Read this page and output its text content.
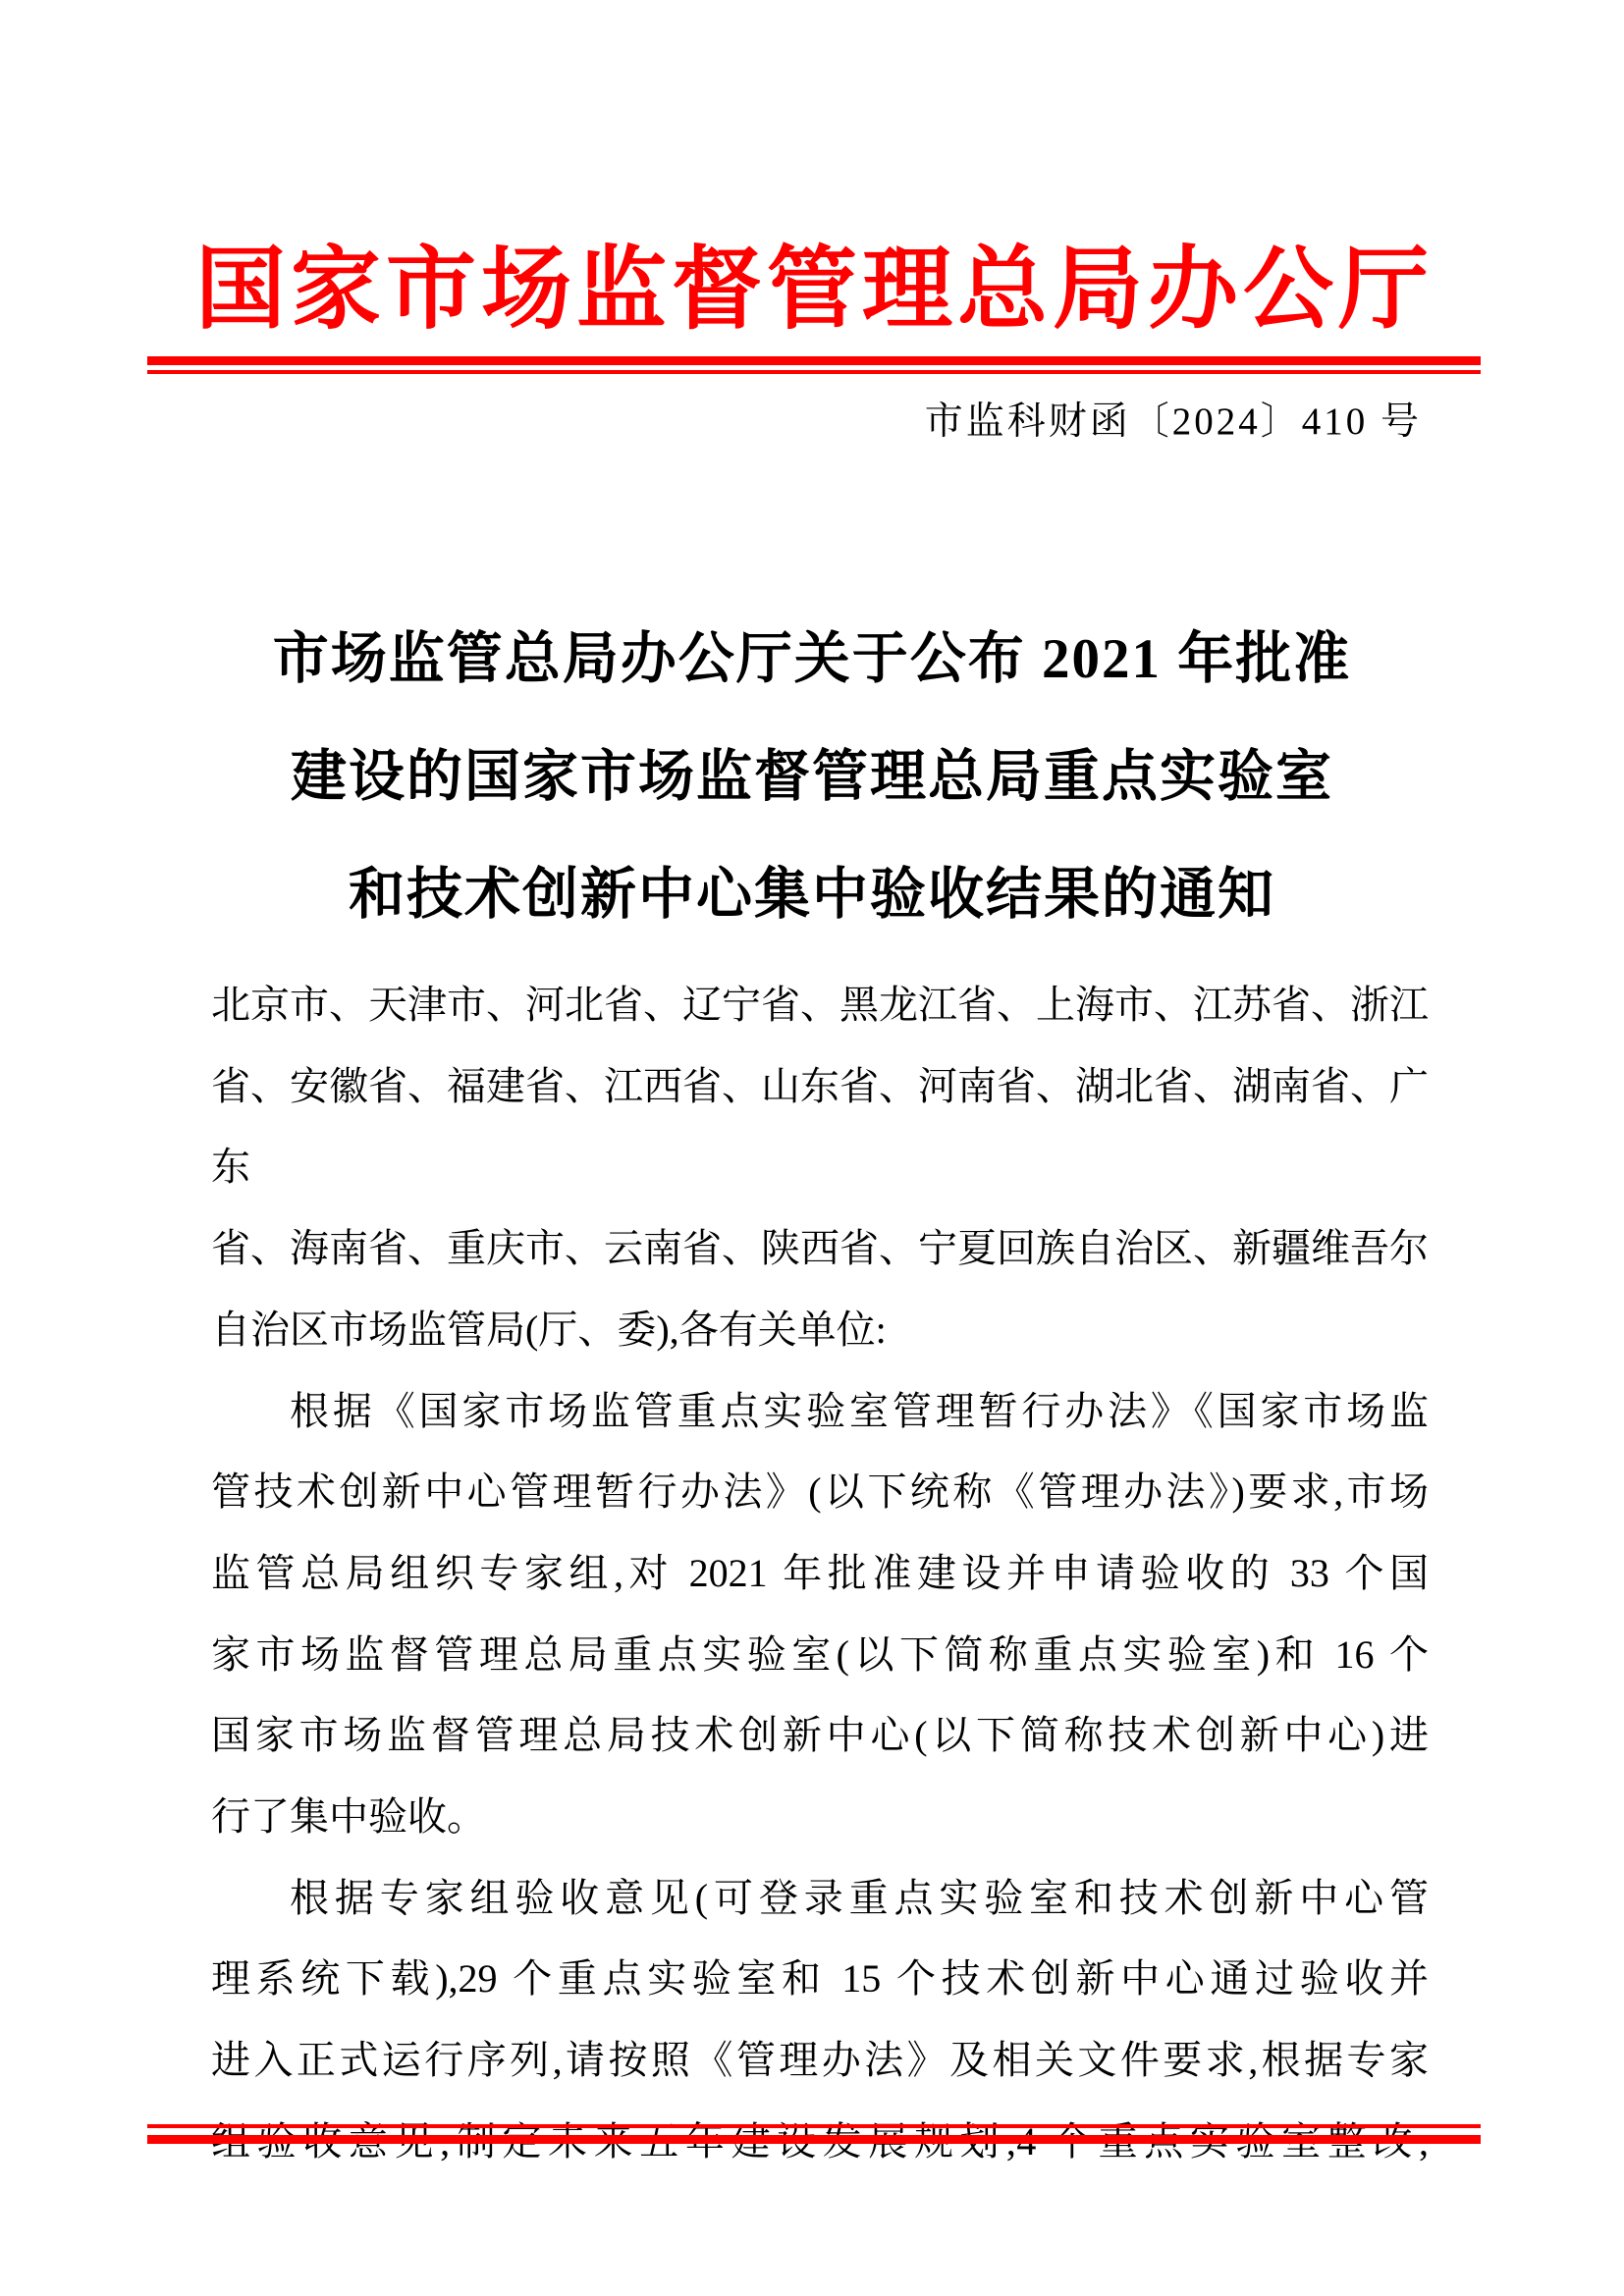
国家市场监督管理总局办公厅
市监科财函〔2024〕410 号
市场监管总局办公厅关于公布 2021 年批准
建设的国家市场监督管理总局重点实验室
和技术创新中心集中验收结果的通知
北京市、天津市、河北省、辽宁省、黑龙江省、上海市、江苏省、浙江
省、安徽省、福建省、江西省、山东省、河南省、湖北省、湖南省、广东
省、海南省、重庆市、云南省、陕西省、宁夏回族自治区、新疆维吾尔
自治区市场监管局(厅、委),各有关单位:
根据《国家市场监管重点实验室管理暂行办法》《国家市场监
管技术创新中心管理暂行办法》(以下统称《管理办法》)要求,市场
监管总局组织专家组,对 2021 年批准建设并申请验收的 33 个国
家市场监督管理总局重点实验室(以下简称重点实验室)和 16 个
国家市场监督管理总局技术创新中心(以下简称技术创新中心)进
行了集中验收。
根据专家组验收意见(可登录重点实验室和技术创新中心管
理系统下载),29 个重点实验室和 15 个技术创新中心通过验收并
进入正式运行序列,请按照《管理办法》及相关文件要求,根据专家
